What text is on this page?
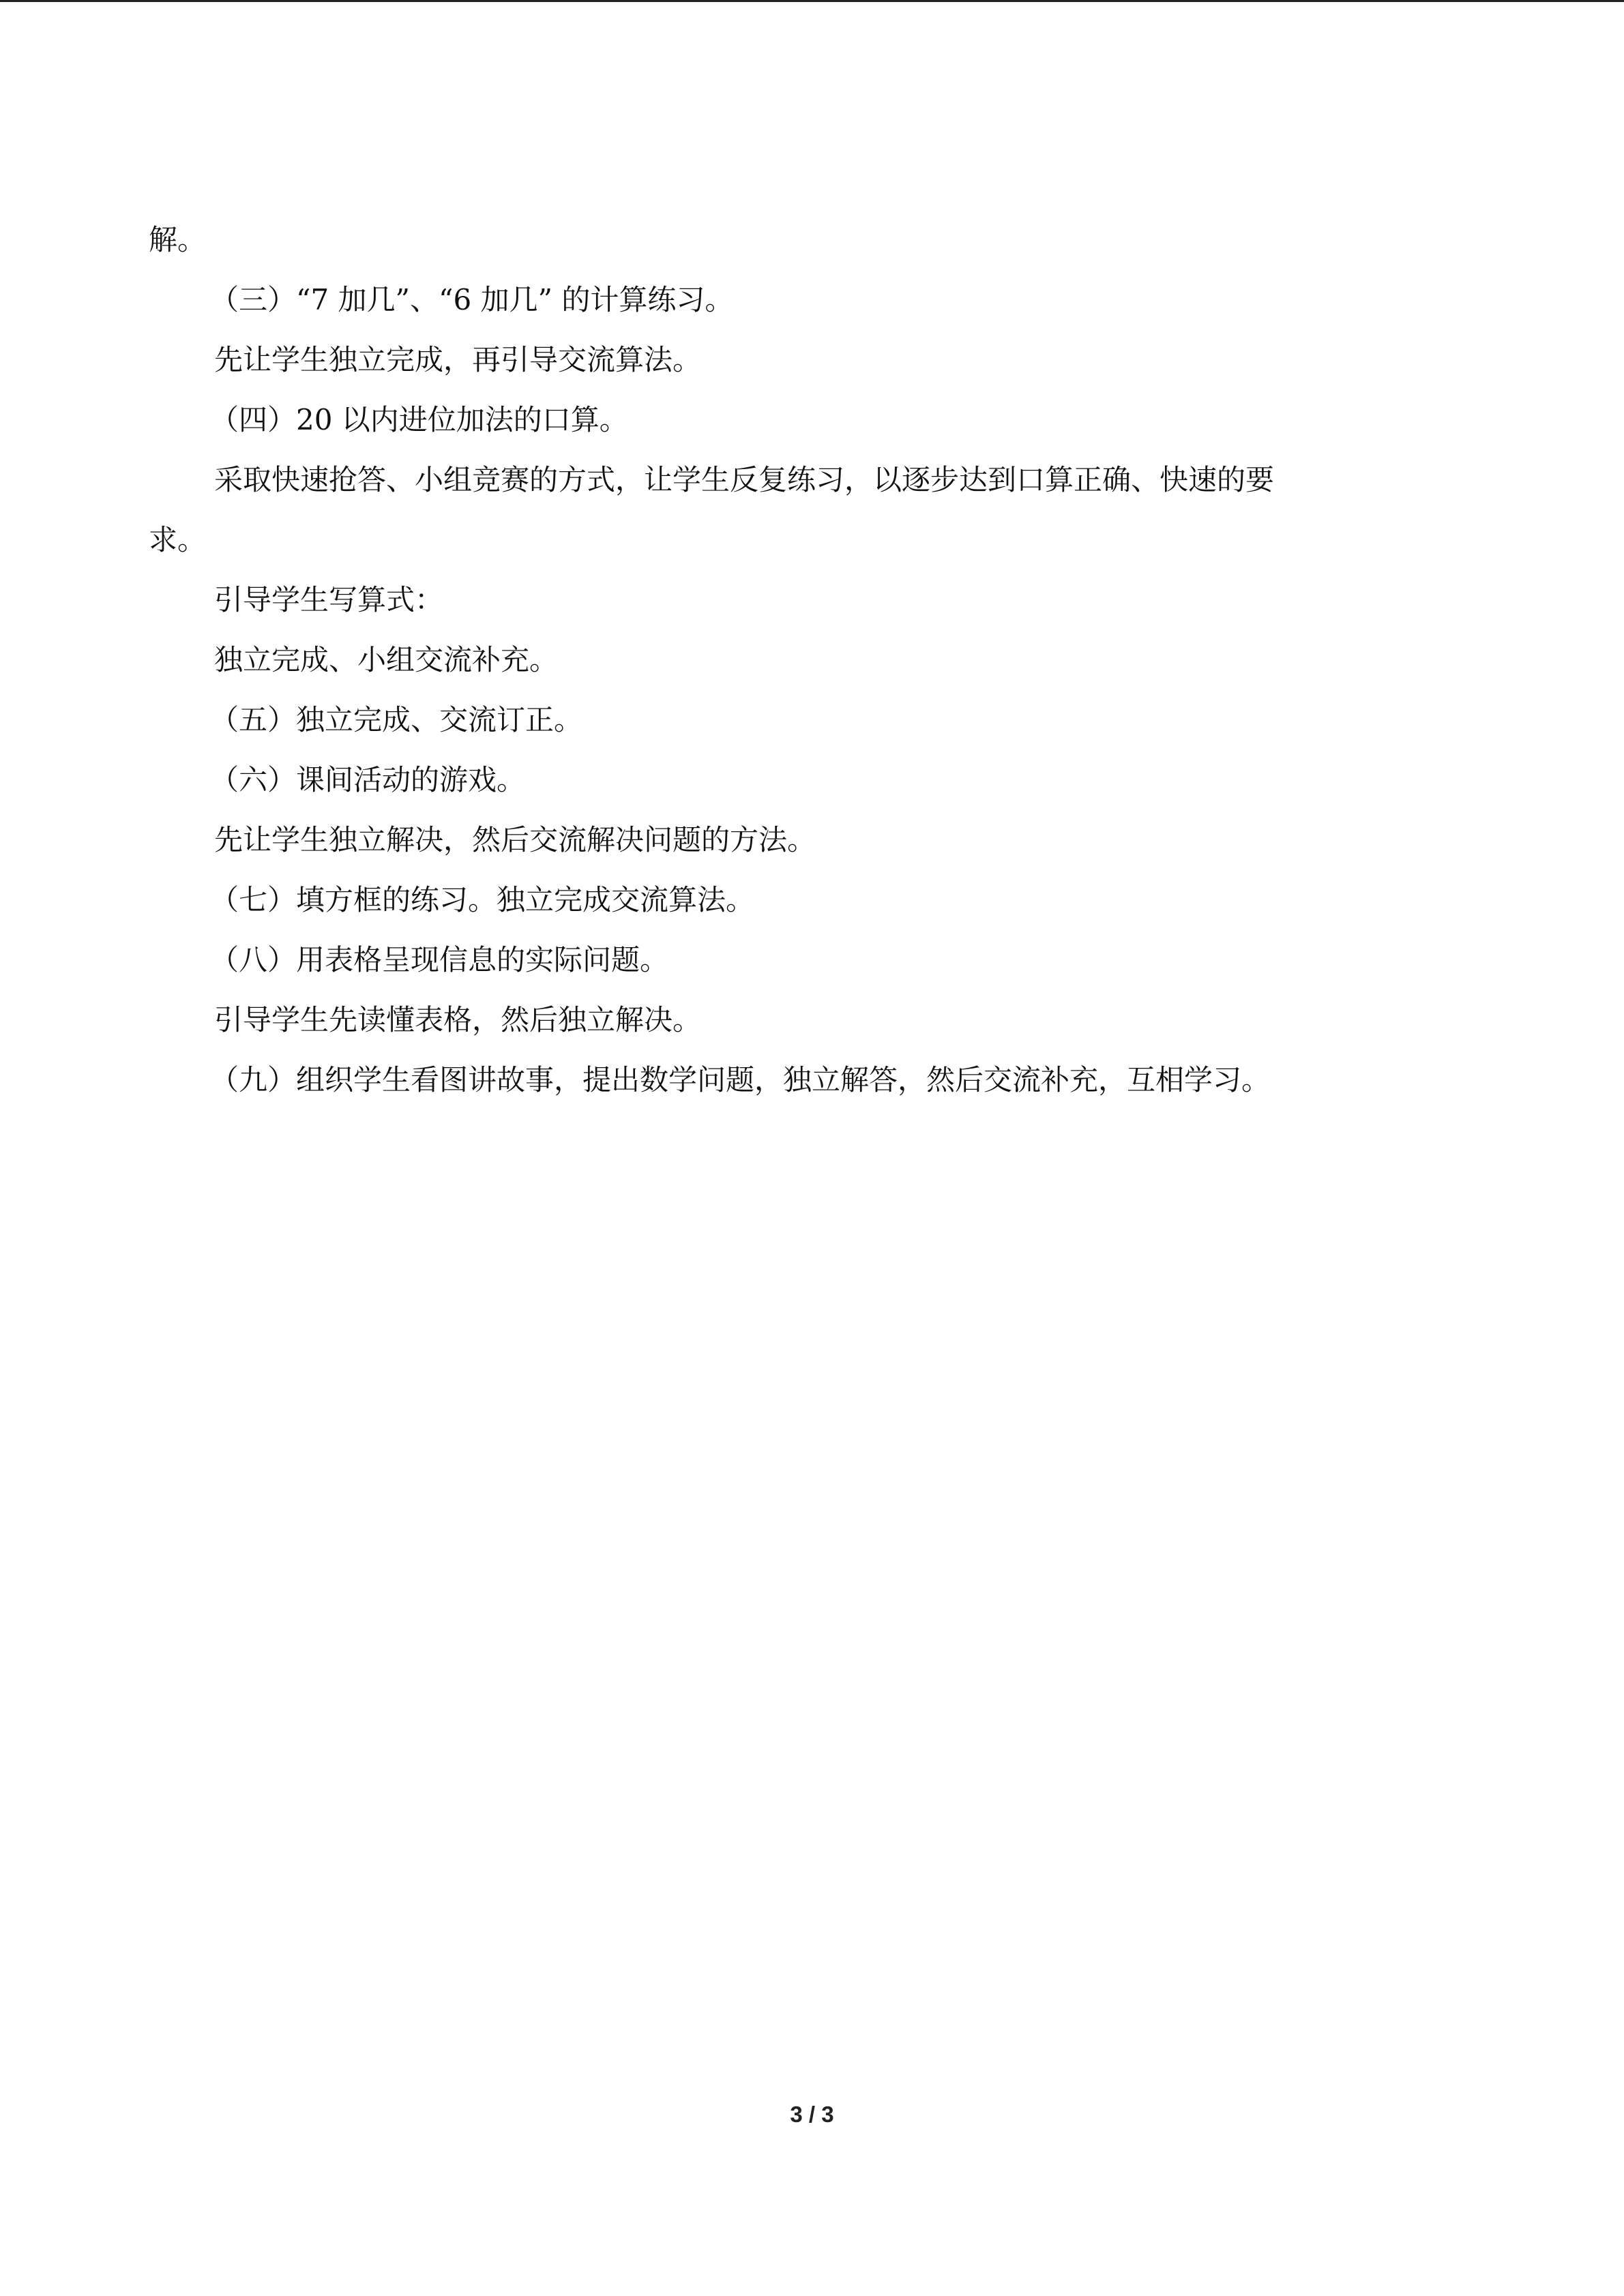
解。

（三）“7 加几”、“6 加几” 的计算练习。

先让学生独立完成，再引导交流算法。

（四）20 以内进位加法的口算。

采取快速抢答、小组竞赛的方式，让学生反复练习，以逐步达到口算正确、快速的要

求。

引导学生写算式：

独立完成、小组交流补充。

（五）独立完成、交流订正。

（六）课间活动的游戏。

先让学生独立解决，然后交流解决问题的方法。

（七）填方框的练习。独立完成交流算法。

（八）用表格呈现信息的实际问题。

引导学生先读懂表格，然后独立解决。

（九）组织学生看图讲故事，提出数学问题，独立解答，然后交流补充，互相学习。

3 / 3
